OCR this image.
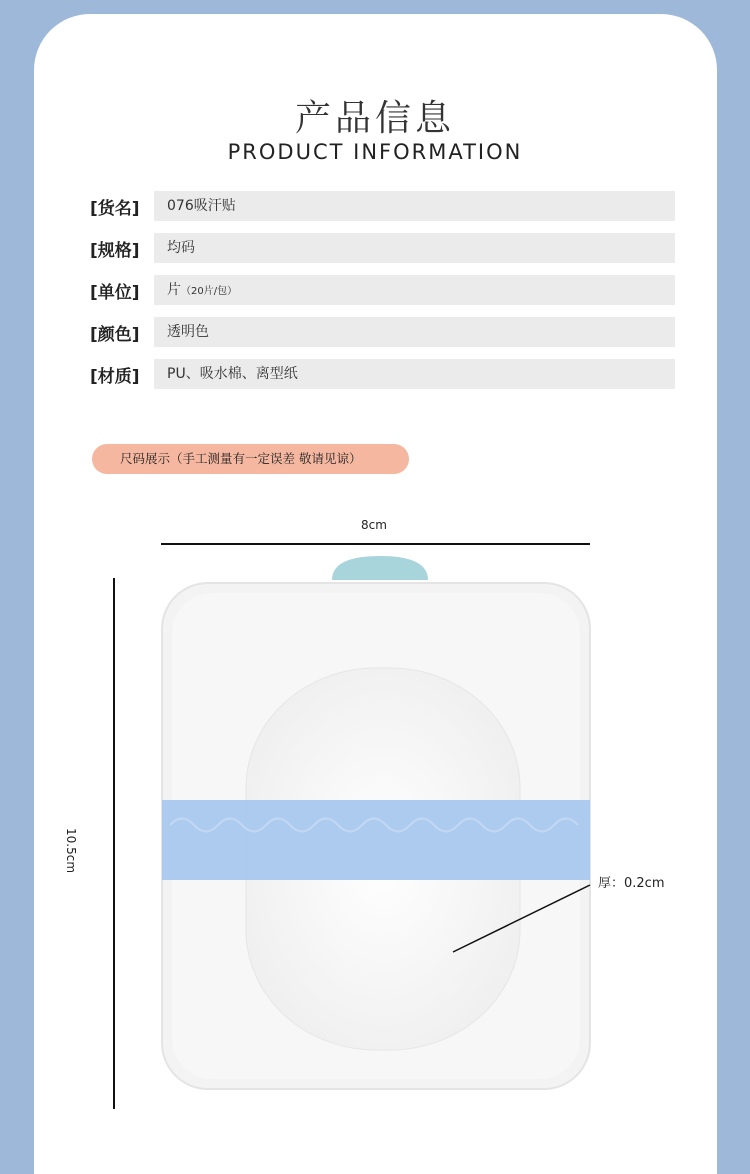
产品信息
PRODUCT INFORMATION
[货名]	076吸汗贴
[规格]	均码
[单位]	片（20片/包）
[颜色]	透明色
[材质]	PU、吸水棉、离型纸
尺码展示（手工测量有一定误差 敬请见谅）
8cm
10.5cm
厚：0.2cm
